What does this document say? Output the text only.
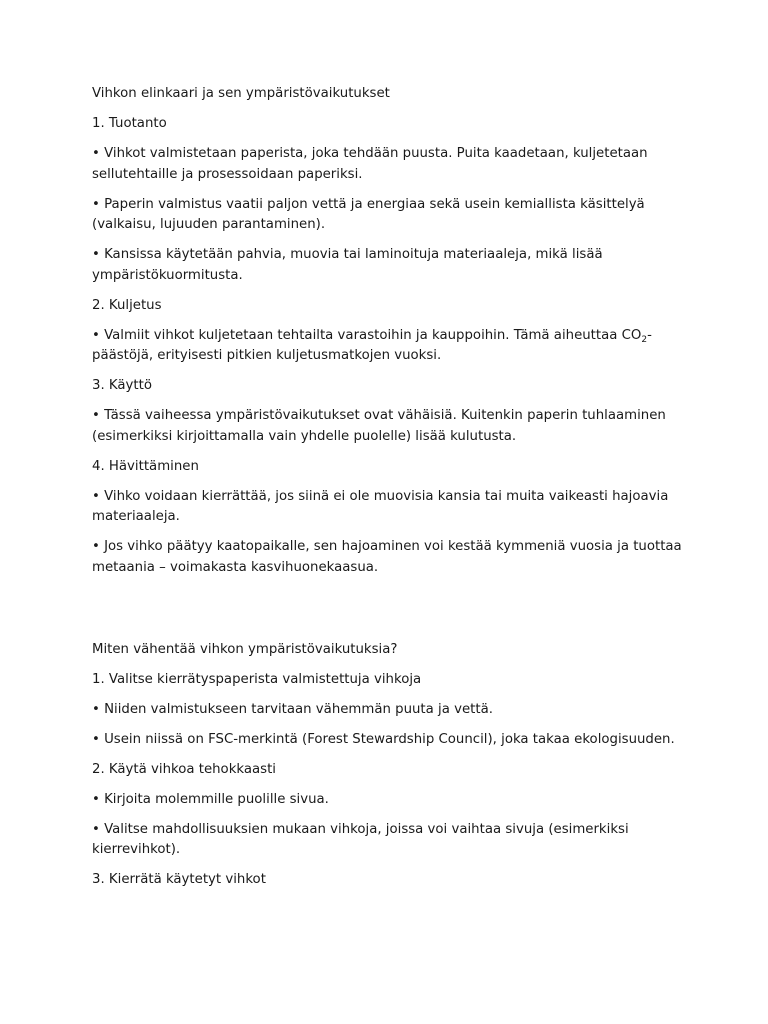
Vihkon elinkaari ja sen ympäristövaikutukset

1. Tuotanto

• Vihkot valmistetaan paperista, joka tehdään puusta. Puita kaadetaan, kuljetetaan sellutehtaille ja prosessoidaan paperiksi.

• Paperin valmistus vaatii paljon vettä ja energiaa sekä usein kemiallista käsittelyä (valkaisu, lujuuden parantaminen).

• Kansissa käytetään pahvia, muovia tai laminoituja materiaaleja, mikä lisää ympäristökuormitusta.

2. Kuljetus

• Valmiit vihkot kuljetetaan tehtailta varastoihin ja kauppoihin. Tämä aiheuttaa $CO_2$-päästöjä, erityisesti pitkien kuljetusmatkojen vuoksi.

3. Käyttö

• Tässä vaiheessa ympäristövaikutukset ovat vähäisiä. Kuitenkin paperin tuhlaaminen (esimerkiksi kirjoittamalla vain yhdelle puolelle) lisää kulutusta.

4. Hävittäminen

• Vihko voidaan kierrättää, jos siinä ei ole muovisia kansia tai muita vaikeasti hajoavia materiaaleja.

• Jos vihko päätyy kaatopaikalle, sen hajoaminen voi kestää kymmeniä vuosia ja tuottaa metaania – voimakasta kasvihuonekaasua.

Miten vähentää vihkon ympäristövaikutuksia?

1. Valitse kierrätyspaperista valmistettuja vihkoja

• Niiden valmistukseen tarvitaan vähemmän puuta ja vettä.

• Usein niissä on FSC-merkintä (Forest Stewardship Council), joka takaa ekologisuuden.

2. Käytä vihkoa tehokkaasti

• Kirjoita molemmille puolille sivua.

• Valitse mahdollisuuksien mukaan vihkoja, joissa voi vaihtaa sivuja (esimerkiksi kierrevihkot).

3. Kierrätä käytetyt vihkot
